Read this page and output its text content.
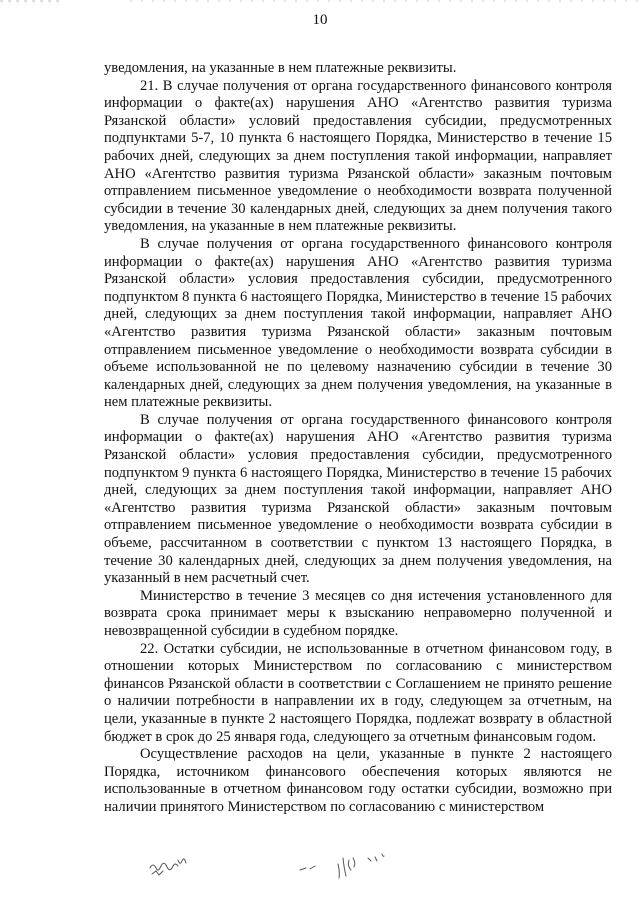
10

уведомления, на указанные в нем платежные реквизиты.

21. В случае получения от органа государственного финансового контроля информации о факте(ах) нарушения АНО «Агентство развития туризма Рязанской области» условий предоставления субсидии, предусмотренных подпунктами 5-7, 10 пункта 6 настоящего Порядка, Министерство в течение 15 рабочих дней, следующих за днем поступления такой информации, направляет АНО «Агентство развития туризма Рязанской области» заказным почтовым отправлением письменное уведомление о необходимости возврата полученной субсидии в течение 30 календарных дней, следующих за днем получения такого уведомления, на указанные в нем платежные реквизиты.

В случае получения от органа государственного финансового контроля информации о факте(ах) нарушения АНО «Агентство развития туризма Рязанской области» условия предоставления субсидии, предусмотренного подпунктом 8 пункта 6 настоящего Порядка, Министерство в течение 15 рабочих дней, следующих за днем поступления такой информации, направляет АНО «Агентство развития туризма Рязанской области» заказным почтовым отправлением письменное уведомление о необходимости возврата субсидии в объеме использованной не по целевому назначению субсидии в течение 30 календарных дней, следующих за днем получения уведомления, на указанные в нем платежные реквизиты.

В случае получения от органа государственного финансового контроля информации о факте(ах) нарушения АНО «Агентство развития туризма Рязанской области» условия предоставления субсидии, предусмотренного подпунктом 9 пункта 6 настоящего Порядка, Министерство в течение 15 рабочих дней, следующих за днем поступления такой информации, направляет АНО «Агентство развития туризма Рязанской области» заказным почтовым отправлением письменное уведомление о необходимости возврата субсидии в объеме, рассчитанном в соответствии с пунктом 13 настоящего Порядка, в течение 30 календарных дней, следующих за днем получения уведомления, на указанный в нем расчетный счет.

Министерство в течение 3 месяцев со дня истечения установленного для возврата срока принимает меры к взысканию неправомерно полученной и невозвращенной субсидии в судебном порядке.

22. Остатки субсидии, не использованные в отчетном финансовом году, в отношении которых Министерством по согласованию с министерством финансов Рязанской области в соответствии с Соглашением не принято решение о наличии потребности в направлении их в году, следующем за отчетным, на цели, указанные в пункте 2 настоящего Порядка, подлежат возврату в областной бюджет в срок до 25 января года, следующего за отчетным финансовым годом.

Осуществление расходов на цели, указанные в пункте 2 настоящего Порядка, источником финансового обеспечения которых являются не использованные в отчетном финансовом году остатки субсидии, возможно при наличии принятого Министерством по согласованию с министерством
